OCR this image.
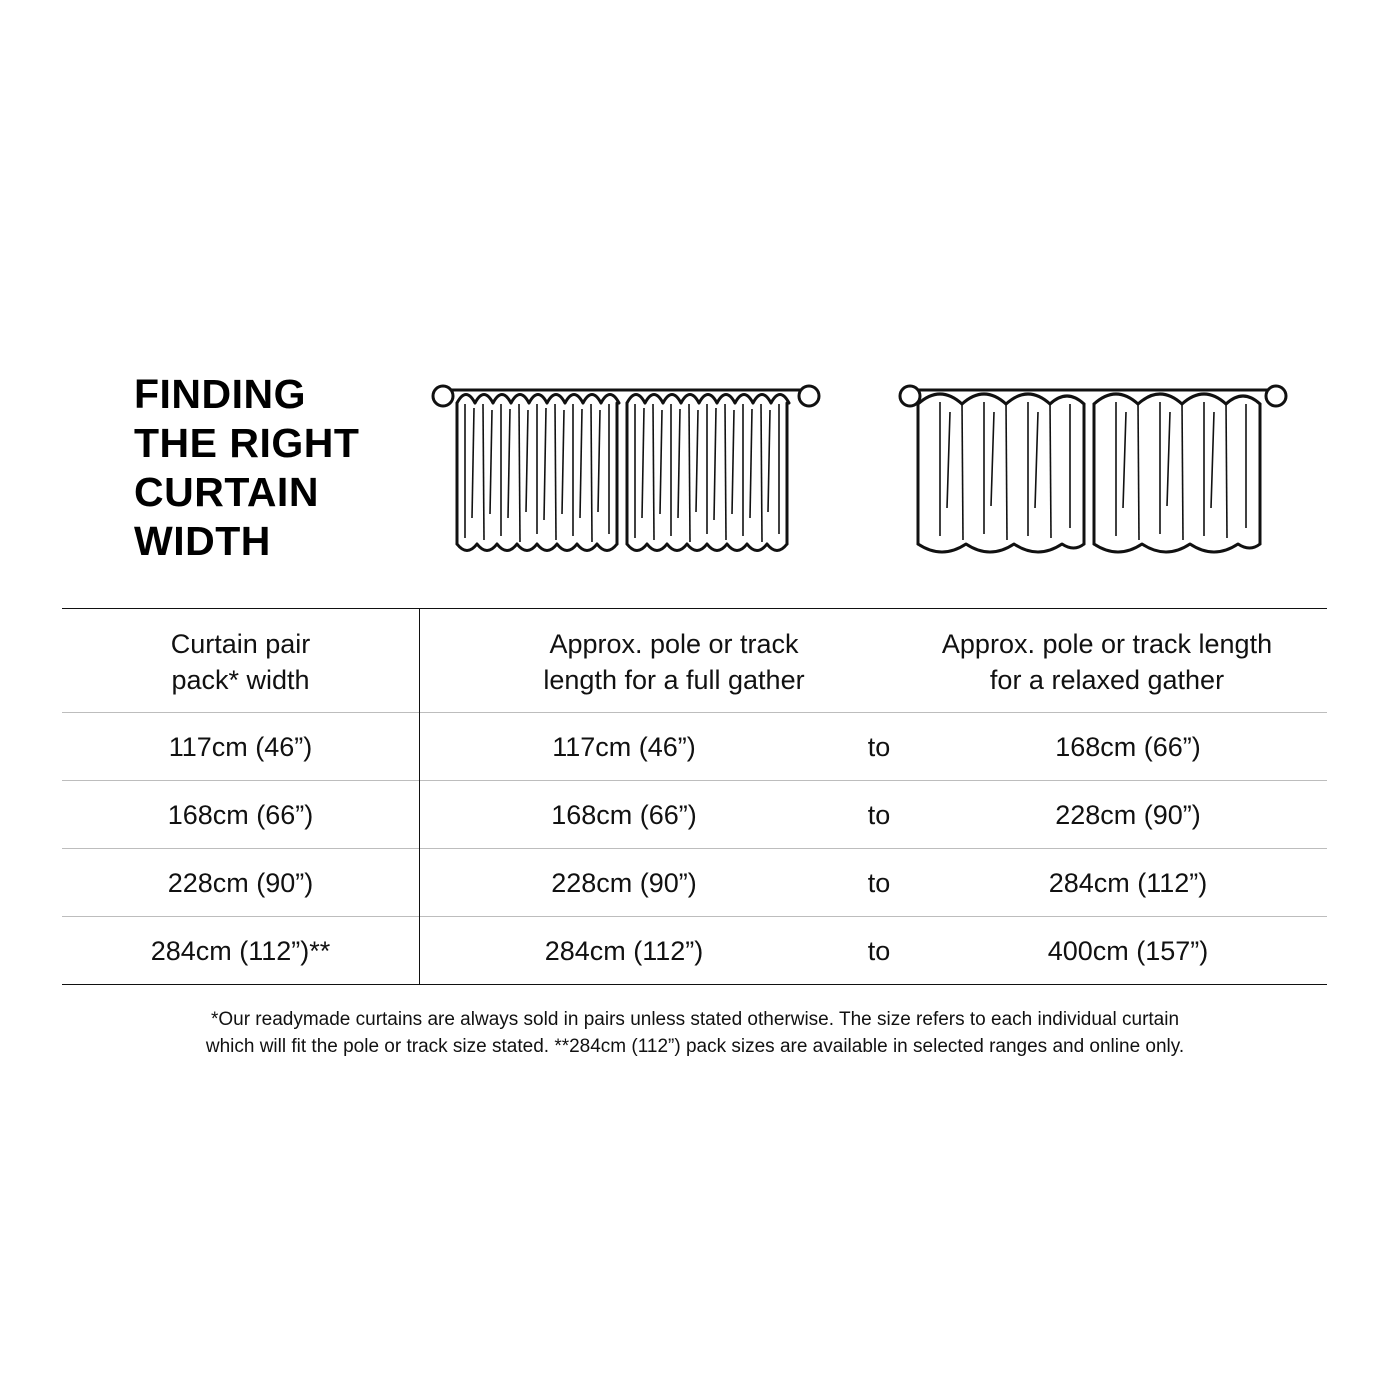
FINDING
THE RIGHT
CURTAIN
WIDTH
Curtain pair
pack* width
Approx. pole or track
length for a full gather
Approx. pole or track length
for a relaxed gather
117cm (46”)	117cm (46”)	to	168cm (66”)
168cm (66”)	168cm (66”)	to	228cm (90”)
228cm (90”)	228cm (90”)	to	284cm (112”)
284cm (112”)**	284cm (112”)	to	400cm (157”)
*Our readymade curtains are always sold in pairs unless stated otherwise. The size refers to each individual curtain
which will fit the pole or track size stated. **284cm (112”) pack sizes are available in selected ranges and online only.
